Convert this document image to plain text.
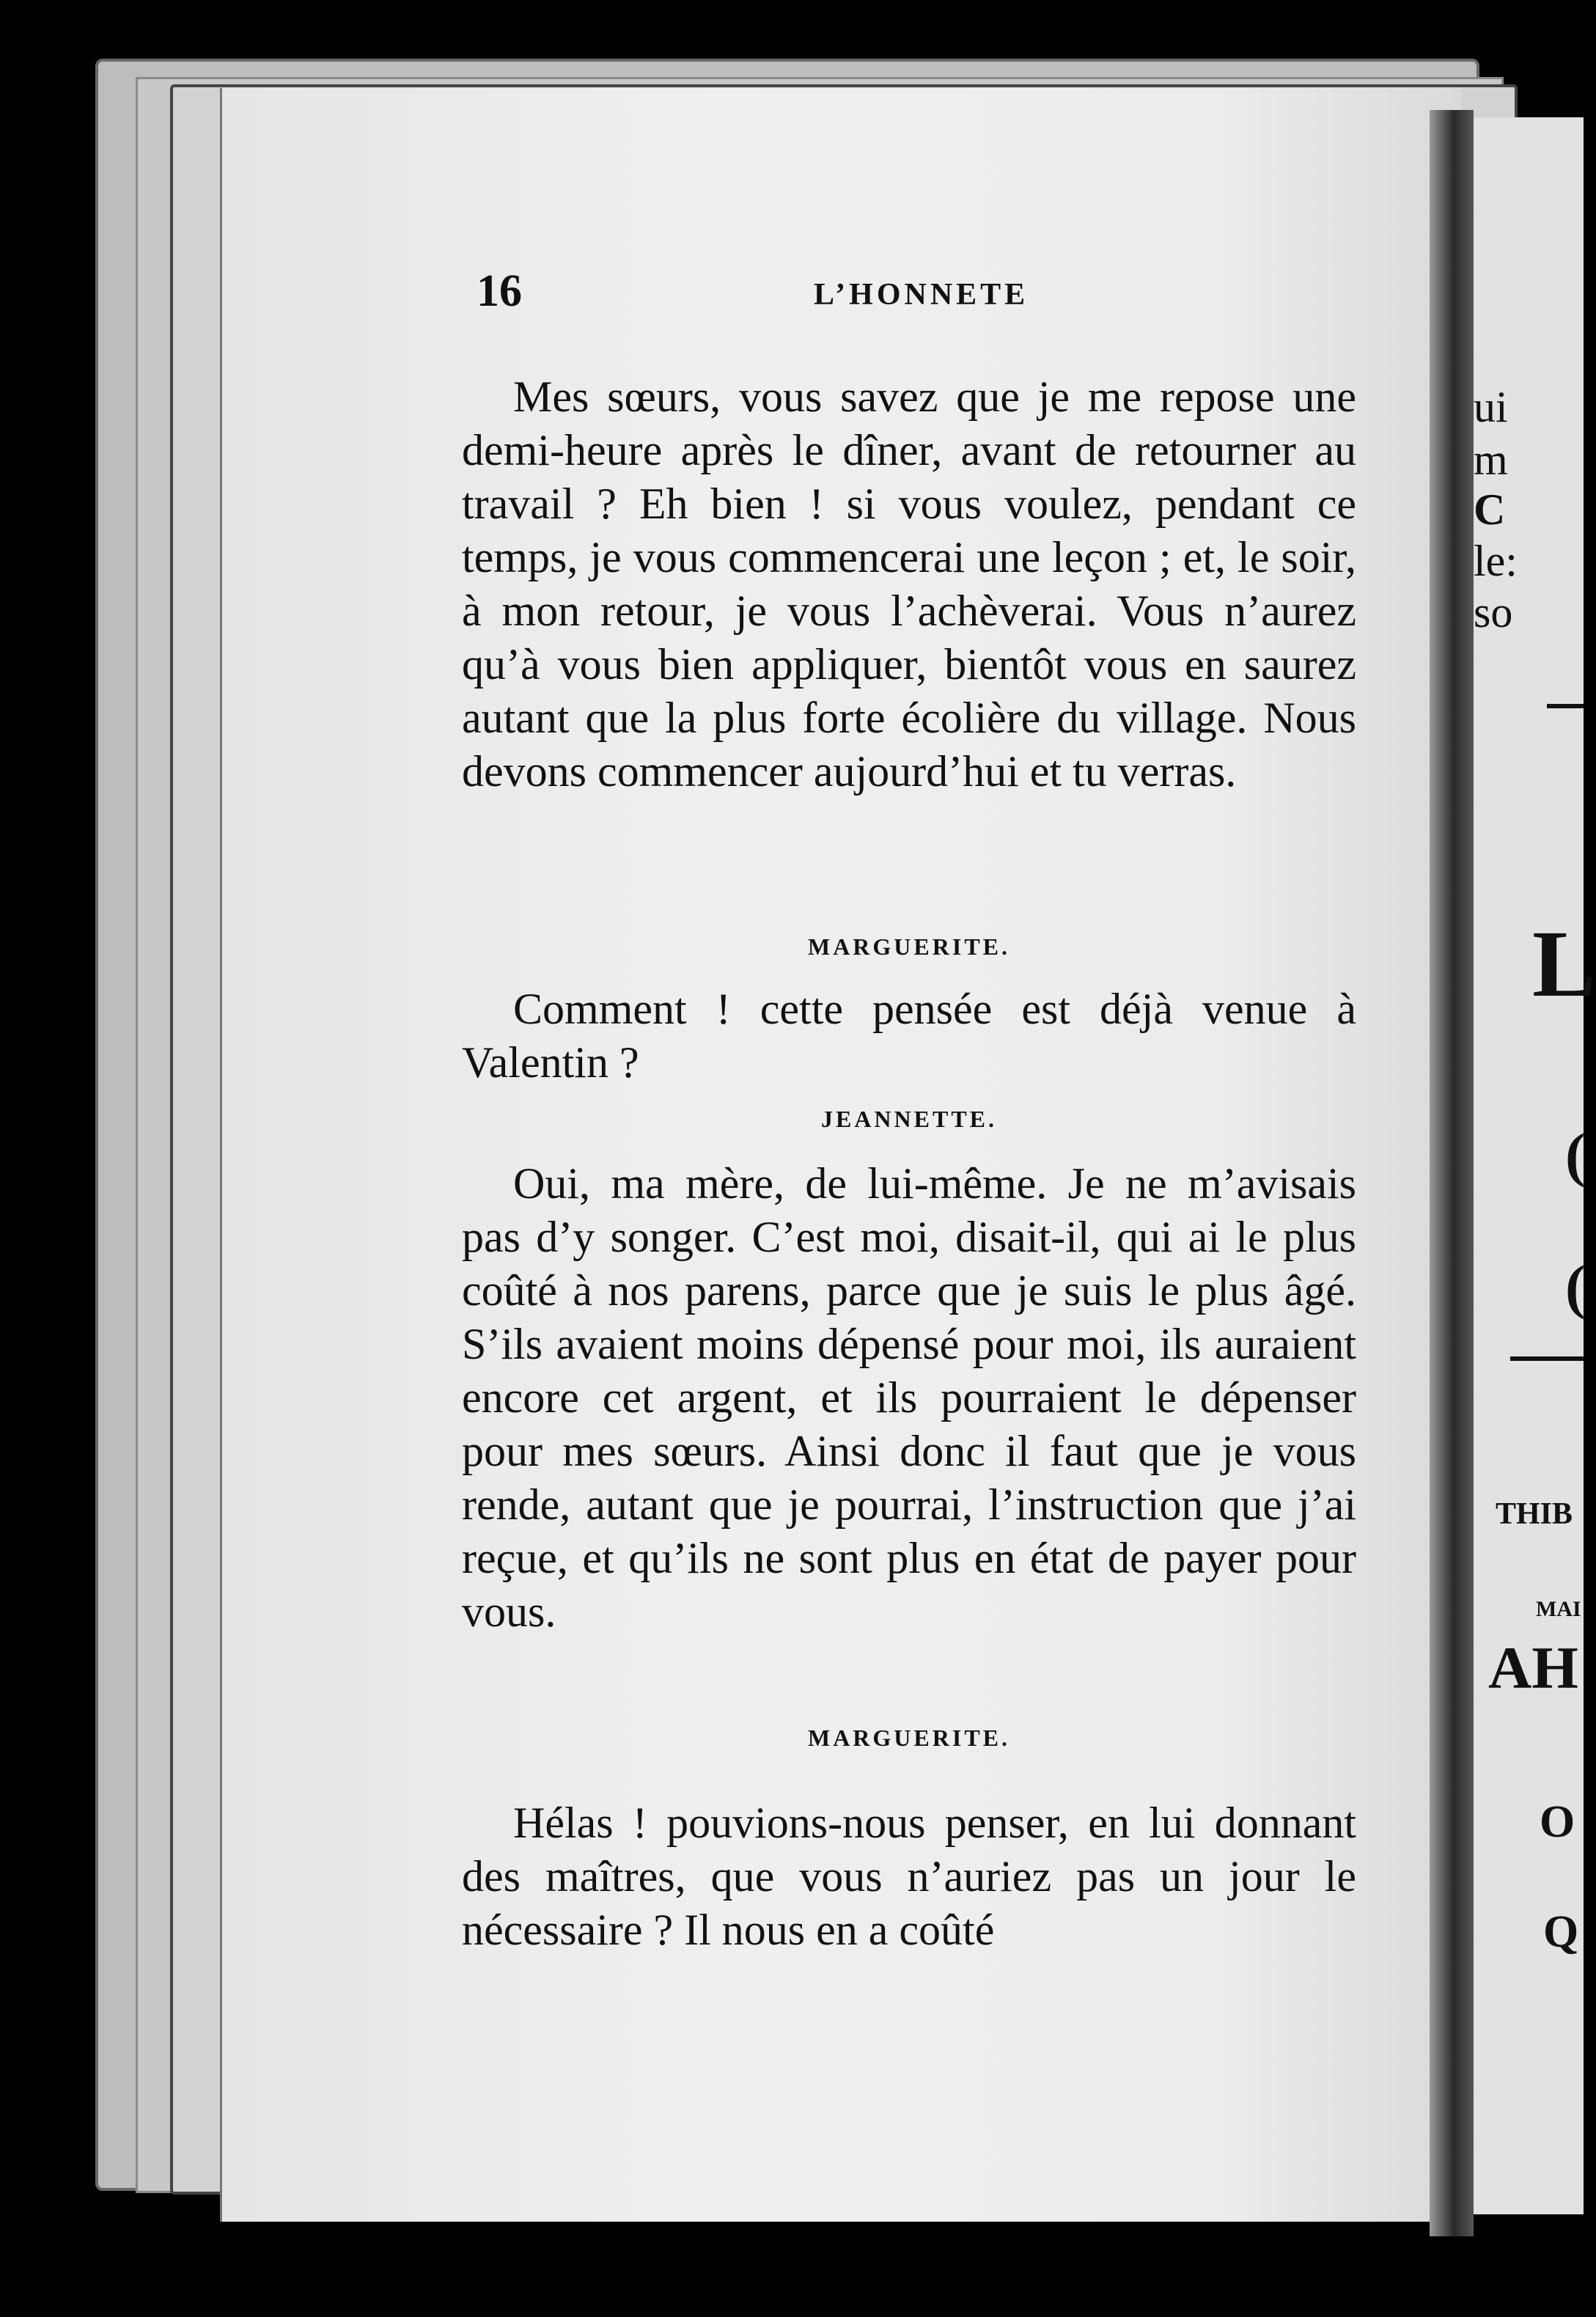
ui
m
C
le:
so
L
(
(
THIB
MAI
AH
O
Q
16	L’HONNETE
Mes sœurs, vous savez que je me repose une demi-heure après le dîner, avant de retourner au travail ? Eh bien ! si vous voulez, pendant ce temps, je vous commencerai une leçon ; et, le soir, à mon retour, je vous l’achèverai. Vous n’aurez qu’à vous bien appliquer, bientôt vous en saurez autant que la plus forte écolière du village. Nous devons commencer aujourd’hui et tu verras.
MARGUERITE.
Comment ! cette pensée est déjà venue à Valentin ?
JEANNETTE.
Oui, ma mère, de lui-même. Je ne m’avisais pas d’y songer. C’est moi, disait-il, qui ai le plus coûté à nos parens, parce que je suis le plus âgé. S’ils avaient moins dépensé pour moi, ils auraient encore cet argent, et ils pourraient le dépenser pour mes sœurs. Ainsi donc il faut que je vous rende, autant que je pourrai, l’instruction que j’ai reçue, et qu’ils ne sont plus en état de payer pour vous.
MARGUERITE.
Hélas ! pouvions-nous penser, en lui donnant des maîtres, que vous n’auriez pas un jour le nécessaire ? Il nous en a coûté
